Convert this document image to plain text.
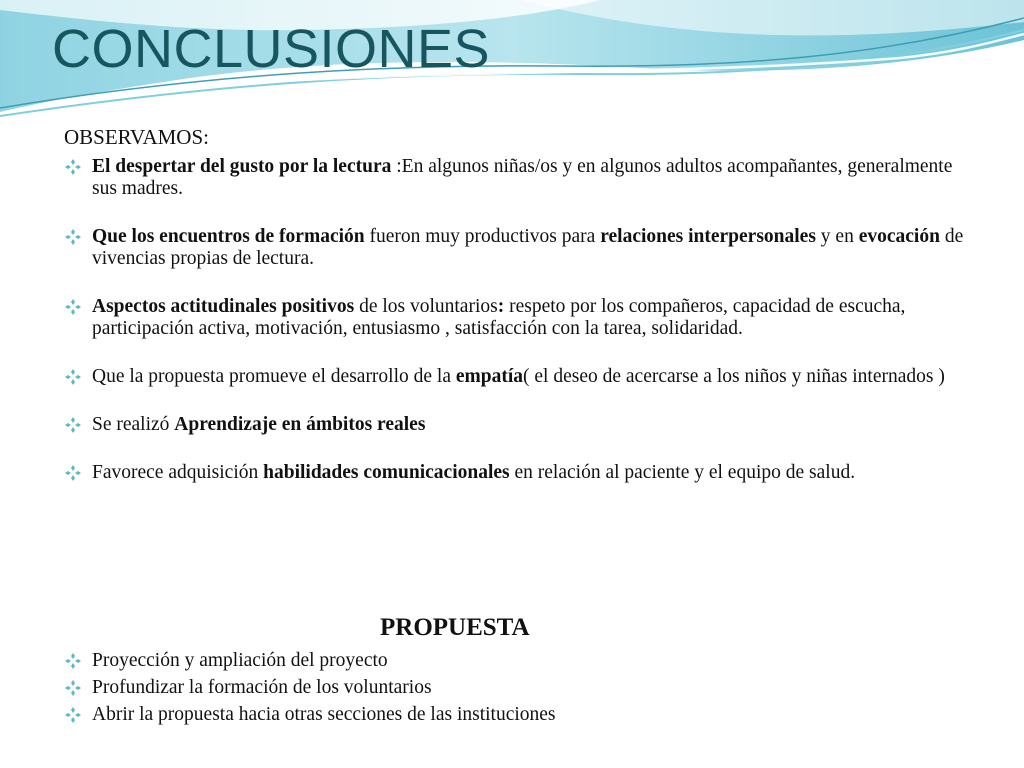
CONCLUSIONES
OBSERVAMOS:
El despertar del gusto por la lectura :En algunos niñas/os y en algunos adultos acompañantes, generalmente sus madres.
Que los encuentros de formación fueron muy productivos para relaciones interpersonales y en evocación de vivencias propias de lectura.
Aspectos actitudinales positivos de los voluntarios: respeto por los compañeros, capacidad de escucha, participación activa, motivación, entusiasmo , satisfacción con la tarea, solidaridad.
Que la propuesta promueve el desarrollo de la empatía( el deseo de acercarse a los niños y niñas internados )
Se realizó Aprendizaje en ámbitos reales
Favorece adquisición habilidades comunicacionales en relación al paciente y el equipo de salud.
PROPUESTA
Proyección y ampliación del proyecto
Profundizar la formación de los voluntarios
Abrir la propuesta hacia otras secciones de las instituciones
